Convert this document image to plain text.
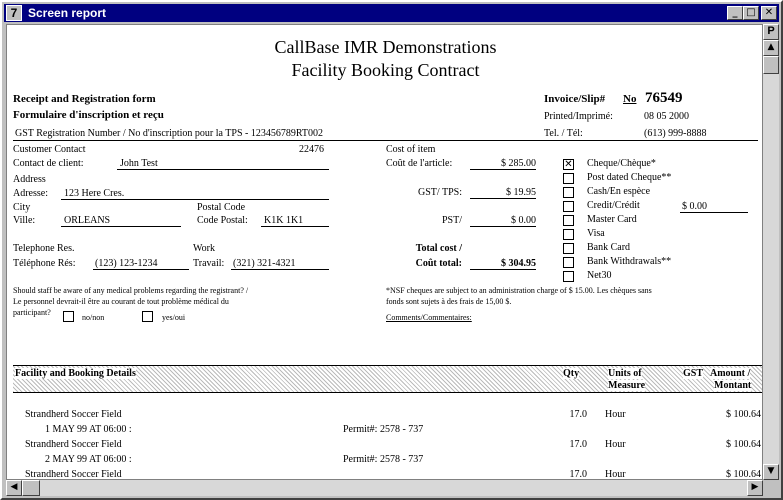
7 Screen report	_ □ ✕
CallBase IMR Demonstrations
Facility Booking Contract
Receipt and Registration form
Formulaire d'inscription et reçu
Invoice/Slip# No 76549
Printed/Imprimé:	08 05 2000
Tel. / Tél:	(613) 999-8888
GST Registration Number / No d'inscription pour la TPS - 123456789RT002
Customer Contact	22476
Contact de client:	John Test
Address
Adresse:	123 Here Cres.
City	Postal Code
Ville:	ORLEANS	Code Postal:	K1K 1K1
Telephone Res.	Work
Téléphone Rés: (123) 123-1234	Travail: (321) 321-4321
Should staff be aware of any medical problems regarding the registrant? /
Le personnel devrait-il être au courant de tout problème médical du
participant?
no/non	yes/oui
Cost of item
Coût de l'article:	$ 285.00
GST/ TPS:	$ 19.95
PST/	$ 0.00
Total cost /
Coût total:	$ 304.95
*NSF cheques are subject to an administration charge of $ 15.00. Les chèques sans
fonds sont sujets à des frais de 15,00 $.
Comments/Commentaires:
✕ Cheque/Chèque*
Post dated Cheque**
Cash/En espèce
Credit/Crédit
Master Card
Visa
Bank Card
Bank Withdrawals**
Net30
$ 0.00
Facility and Booking Details	Qty	Units of
Measure
GST Amount /
Montant
Strandherd Soccer Field	17.0 Hour	$ 100.64
1 MAY 99 AT 06:00 :	Permit#: 2578 - 737
Strandherd Soccer Field	17.0 Hour	$ 100.64
2 MAY 99 AT 06:00 :	Permit#: 2578 - 737
Strandherd Soccer Field	17.0 Hour	$ 100.64
P
▲
▼
◀	▶
